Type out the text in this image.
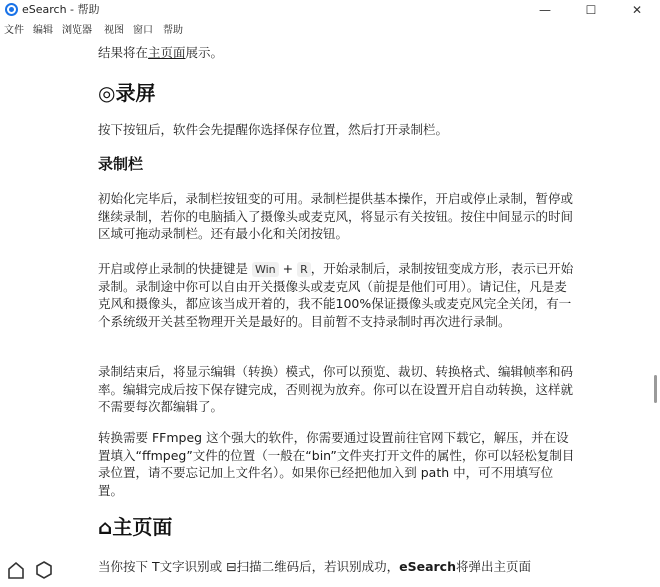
eSearch - 帮助	—	☐	✕
文件 编辑 浏览器 视图 窗口 帮助
结果将在主页面展示。
◎录屏
按下按钮后，软件会先提醒你选择保存位置，然后打开录制栏。
录制栏
初始化完毕后，录制栏按钮变的可用。录制栏提供基本操作，开启或停止录制，暂停或继续录制，若你的电脑插入了摄像头或麦克风，将显示有关按钮。按住中间显示的时间区域可拖动录制栏。还有最小化和关闭按钮。
开启或停止录制的快捷键是 Win + R ，开始录制后，录制按钮变成方形，表示已开始录制。录制途中你可以自由开关摄像头或麦克风（前提是他们可用）。请记住，凡是麦克风和摄像头，都应该当成开着的，我不能100%保证摄像头或麦克风完全关闭，有一个系统级开关甚至物理开关是最好的。目前暂不支持录制时再次进行录制。
录制结束后，将显示编辑（转换）模式，你可以预览、裁切、转换格式、编辑帧率和码率。编辑完成后按下保存键完成，否则视为放弃。你可以在设置开启自动转换，这样就不需要每次都编辑了。
转换需要 FFmpeg 这个强大的软件，你需要通过设置前往官网下载它，解压，并在设置填入“ffmpeg”文件的位置（一般在“bin”文件夹打开文件的属性，你可以轻松复制目录位置，请不要忘记加上文件名）。如果你已经把他加入到 path 中，可不用填写位置。
⌂主页面
当你按下 T文字识别或 ⊟扫描二维码后，若识别成功，eSearch将弹出主页面
